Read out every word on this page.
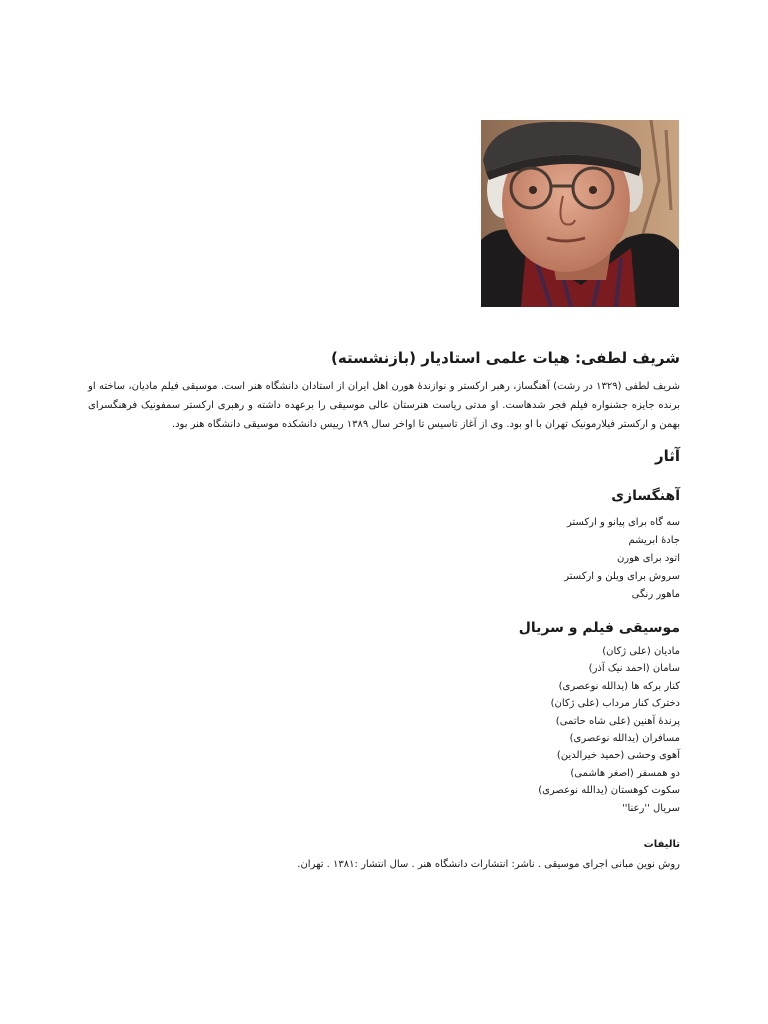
شریف لطفی: هیات علمی استادیار (بازنشسته)

شریف لطفی (۱۳۲۹ در رشت) آهنگساز، رهبر ارکستر و نوازندهٔ هورن اهل ایران از استادان دانشگاه هنر است. موسیقی فیلم مادیان، ساخته او برنده جایزه جشنواره فیلم فجر شدهاست. او مدتی ریاست هنرستان عالی موسیقی را برعهده داشته و رهبری ارکستر سمفونیک فرهنگسرای بهمن و ارکستر فیلارمونیک تهران با او بود. وی از آغاز تاسیس تا اواخر سال ۱۳۸۹ رییس دانشکده موسیقی دانشگاه هنر بود.

آثار
آهنگسازی
سه گاه برای پیانو و ارکستر
جادهٔ ابریشم
اتود برای هورن
سروش برای ویلن و ارکستر
ماهور رنگی
موسیقی فیلم و سریال
مادیان (علی ژکان)
سامان (احمد نیک آذر)
کنار برکه ها (یدالله نوعصری)
دخترک کنار مرداب (علی ژکان)
پرندهٔ آهنین (علی شاه حاتمی)
مسافران (یدالله نوعصری)
آهوی وحشی (حمید خیرالدین)
دو همسفر (اصغر هاشمی)
سکوت کوهستان (یدالله نوعصری)
سریال ''رعنا''
تالیفات

روش نوین مبانی اجرای موسیقی . ناشر: انتشارات دانشگاه هنر . سال انتشار :۱۳۸۱ . تهران.
